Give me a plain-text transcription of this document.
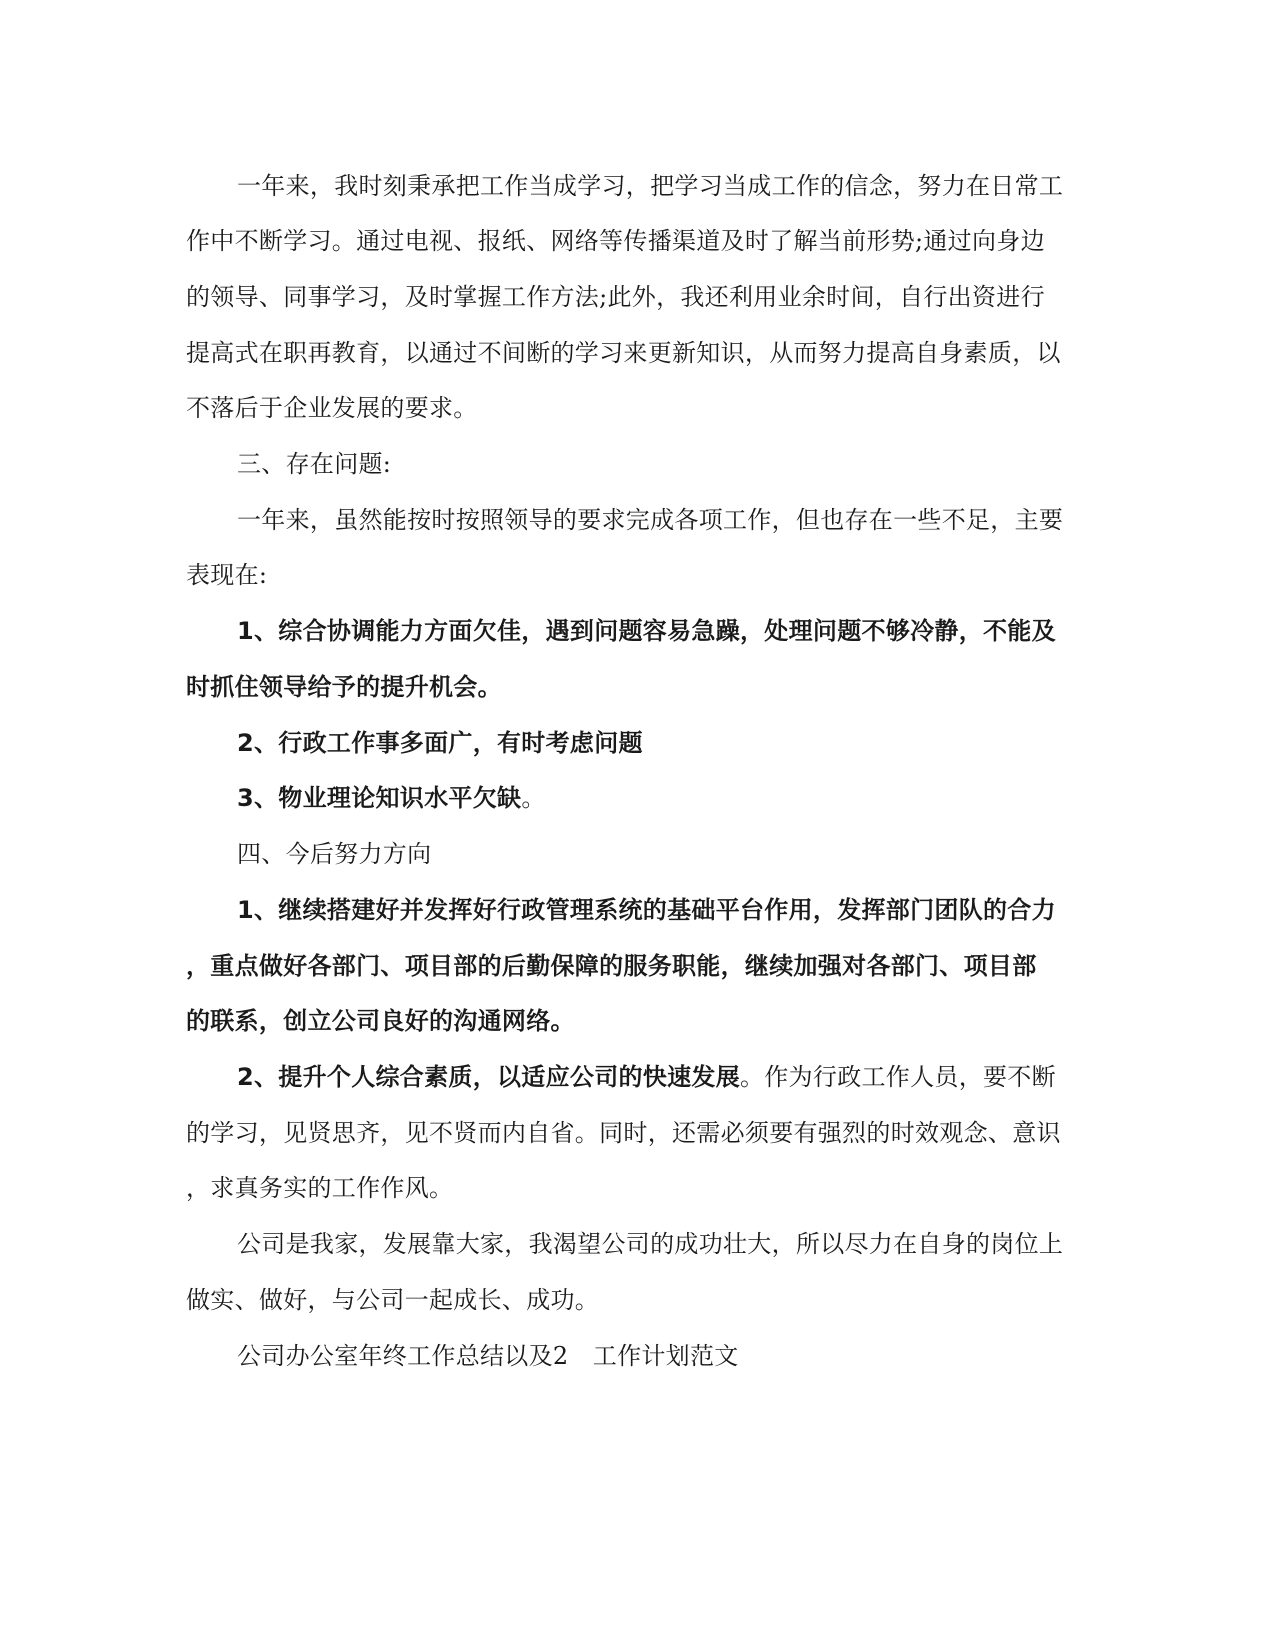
一年来，我时刻秉承把工作当成学习，把学习当成工作的信念，努力在日常工
作中不断学习。通过电视、报纸、网络等传播渠道及时了解当前形势;通过向身边
的领导、同事学习，及时掌握工作方法;此外，我还利用业余时间，自行出资进行
提高式在职再教育，以通过不间断的学习来更新知识，从而努力提高自身素质，以
不落后于企业发展的要求。
三、存在问题:
一年来，虽然能按时按照领导的要求完成各项工作，但也存在一些不足，主要
表现在:
1、综合协调能力方面欠佳，遇到问题容易急躁，处理问题不够冷静，不能及
时抓住领导给予的提升机会。
2、行政工作事多面广，有时考虑问题
3、物业理论知识水平欠缺。
四、今后努力方向
1、继续搭建好并发挥好行政管理系统的基础平台作用，发挥部门团队的合力
，重点做好各部门、项目部的后勤保障的服务职能，继续加强对各部门、项目部
的联系，创立公司良好的沟通网络。
2、提升个人综合素质，以适应公司的快速发展。作为行政工作人员，要不断
的学习，见贤思齐，见不贤而内自省。同时，还需必须要有强烈的时效观念、意识
，求真务实的工作作风。
公司是我家，发展靠大家，我渴望公司的成功壮大，所以尽力在自身的岗位上
做实、做好，与公司一起成长、成功。
公司办公室年终工作总结以及2　工作计划范文
